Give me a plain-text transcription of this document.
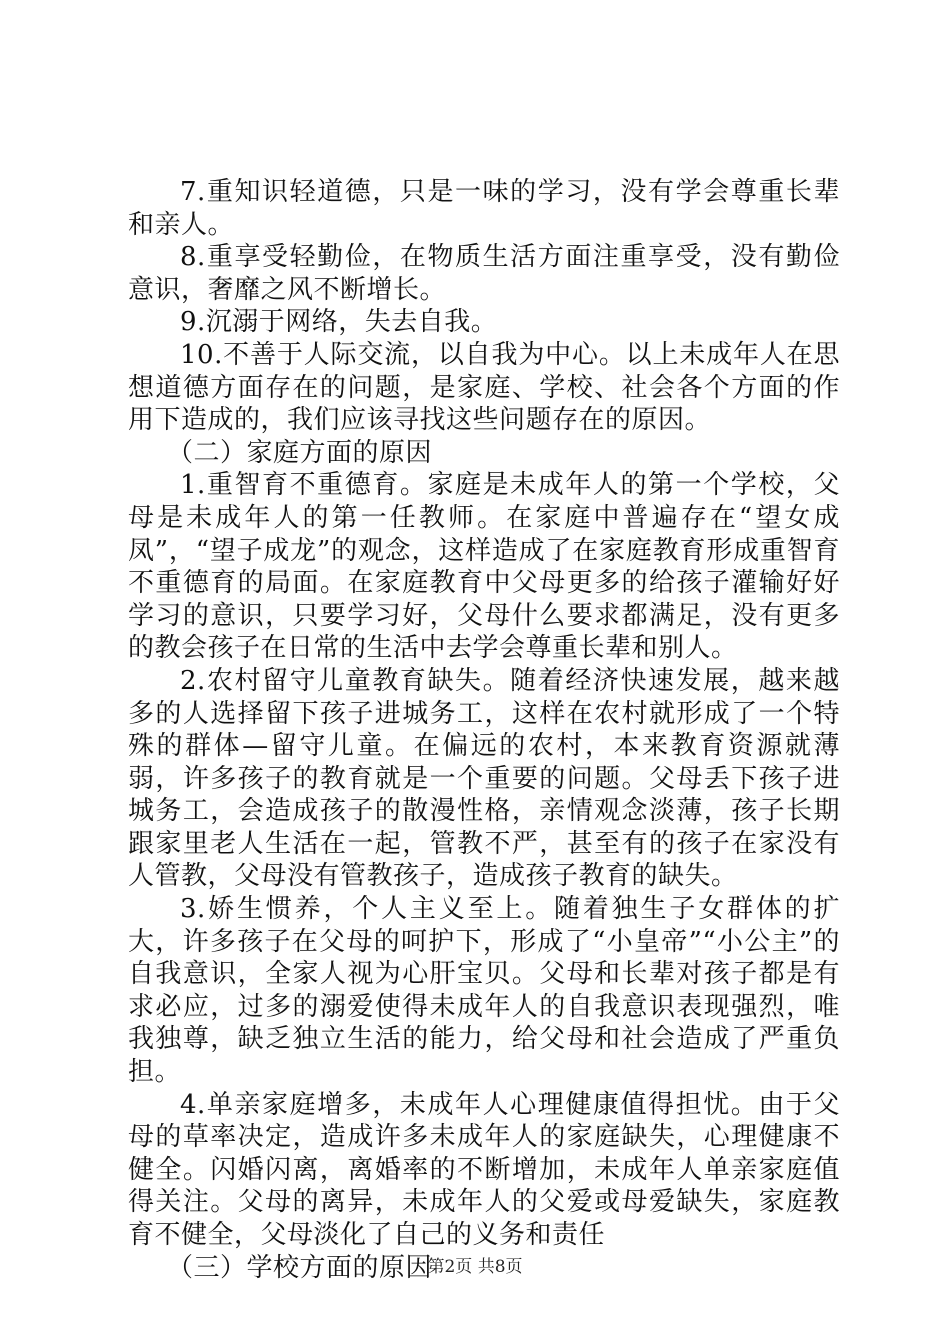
7.重知识轻道德，只是一味的学习，没有学会尊重长辈和亲人。

8.重享受轻勤俭，在物质生活方面注重享受，没有勤俭意识，奢靡之风不断增长。

9.沉溺于网络，失去自我。

10.不善于人际交流，以自我为中心。以上未成年人在思想道德方面存在的问题，是家庭、学校、社会各个方面的作用下造成的，我们应该寻找这些问题存在的原因。

（二）家庭方面的原因

1.重智育不重德育。家庭是未成年人的第一个学校，父母是未成年人的第一任教师。在家庭中普遍存在“望女成凤”，“望子成龙”的观念，这样造成了在家庭教育形成重智育不重德育的局面。在家庭教育中父母更多的给孩子灌输好好学习的意识，只要学习好，父母什么要求都满足，没有更多的教会孩子在日常的生活中去学会尊重长辈和别人。

2.农村留守儿童教育缺失。随着经济快速发展，越来越多的人选择留下孩子进城务工，这样在农村就形成了一个特殊的群体—留守儿童。在偏远的农村，本来教育资源就薄弱，许多孩子的教育就是一个重要的问题。父母丢下孩子进城务工，会造成孩子的散漫性格，亲情观念淡薄，孩子长期跟家里老人生活在一起，管教不严，甚至有的孩子在家没有人管教，父母没有管教孩子，造成孩子教育的缺失。

3.娇生惯养，个人主义至上。随着独生子女群体的扩大，许多孩子在父母的呵护下，形成了“小皇帝”“小公主”的自我意识，全家人视为心肝宝贝。父母和长辈对孩子都是有求必应，过多的溺爱使得未成年人的自我意识表现强烈，唯我独尊，缺乏独立生活的能力，给父母和社会造成了严重负担。

4.单亲家庭增多，未成年人心理健康值得担忧。由于父母的草率决定，造成许多未成年人的家庭缺失，心理健康不健全。闪婚闪离，离婚率的不断增加，未成年人单亲家庭值得关注。父母的离异，未成年人的父爱或母爱缺失，家庭教育不健全，父母淡化了自己的义务和责任

（三）学校方面的原因

第2页 共8页
